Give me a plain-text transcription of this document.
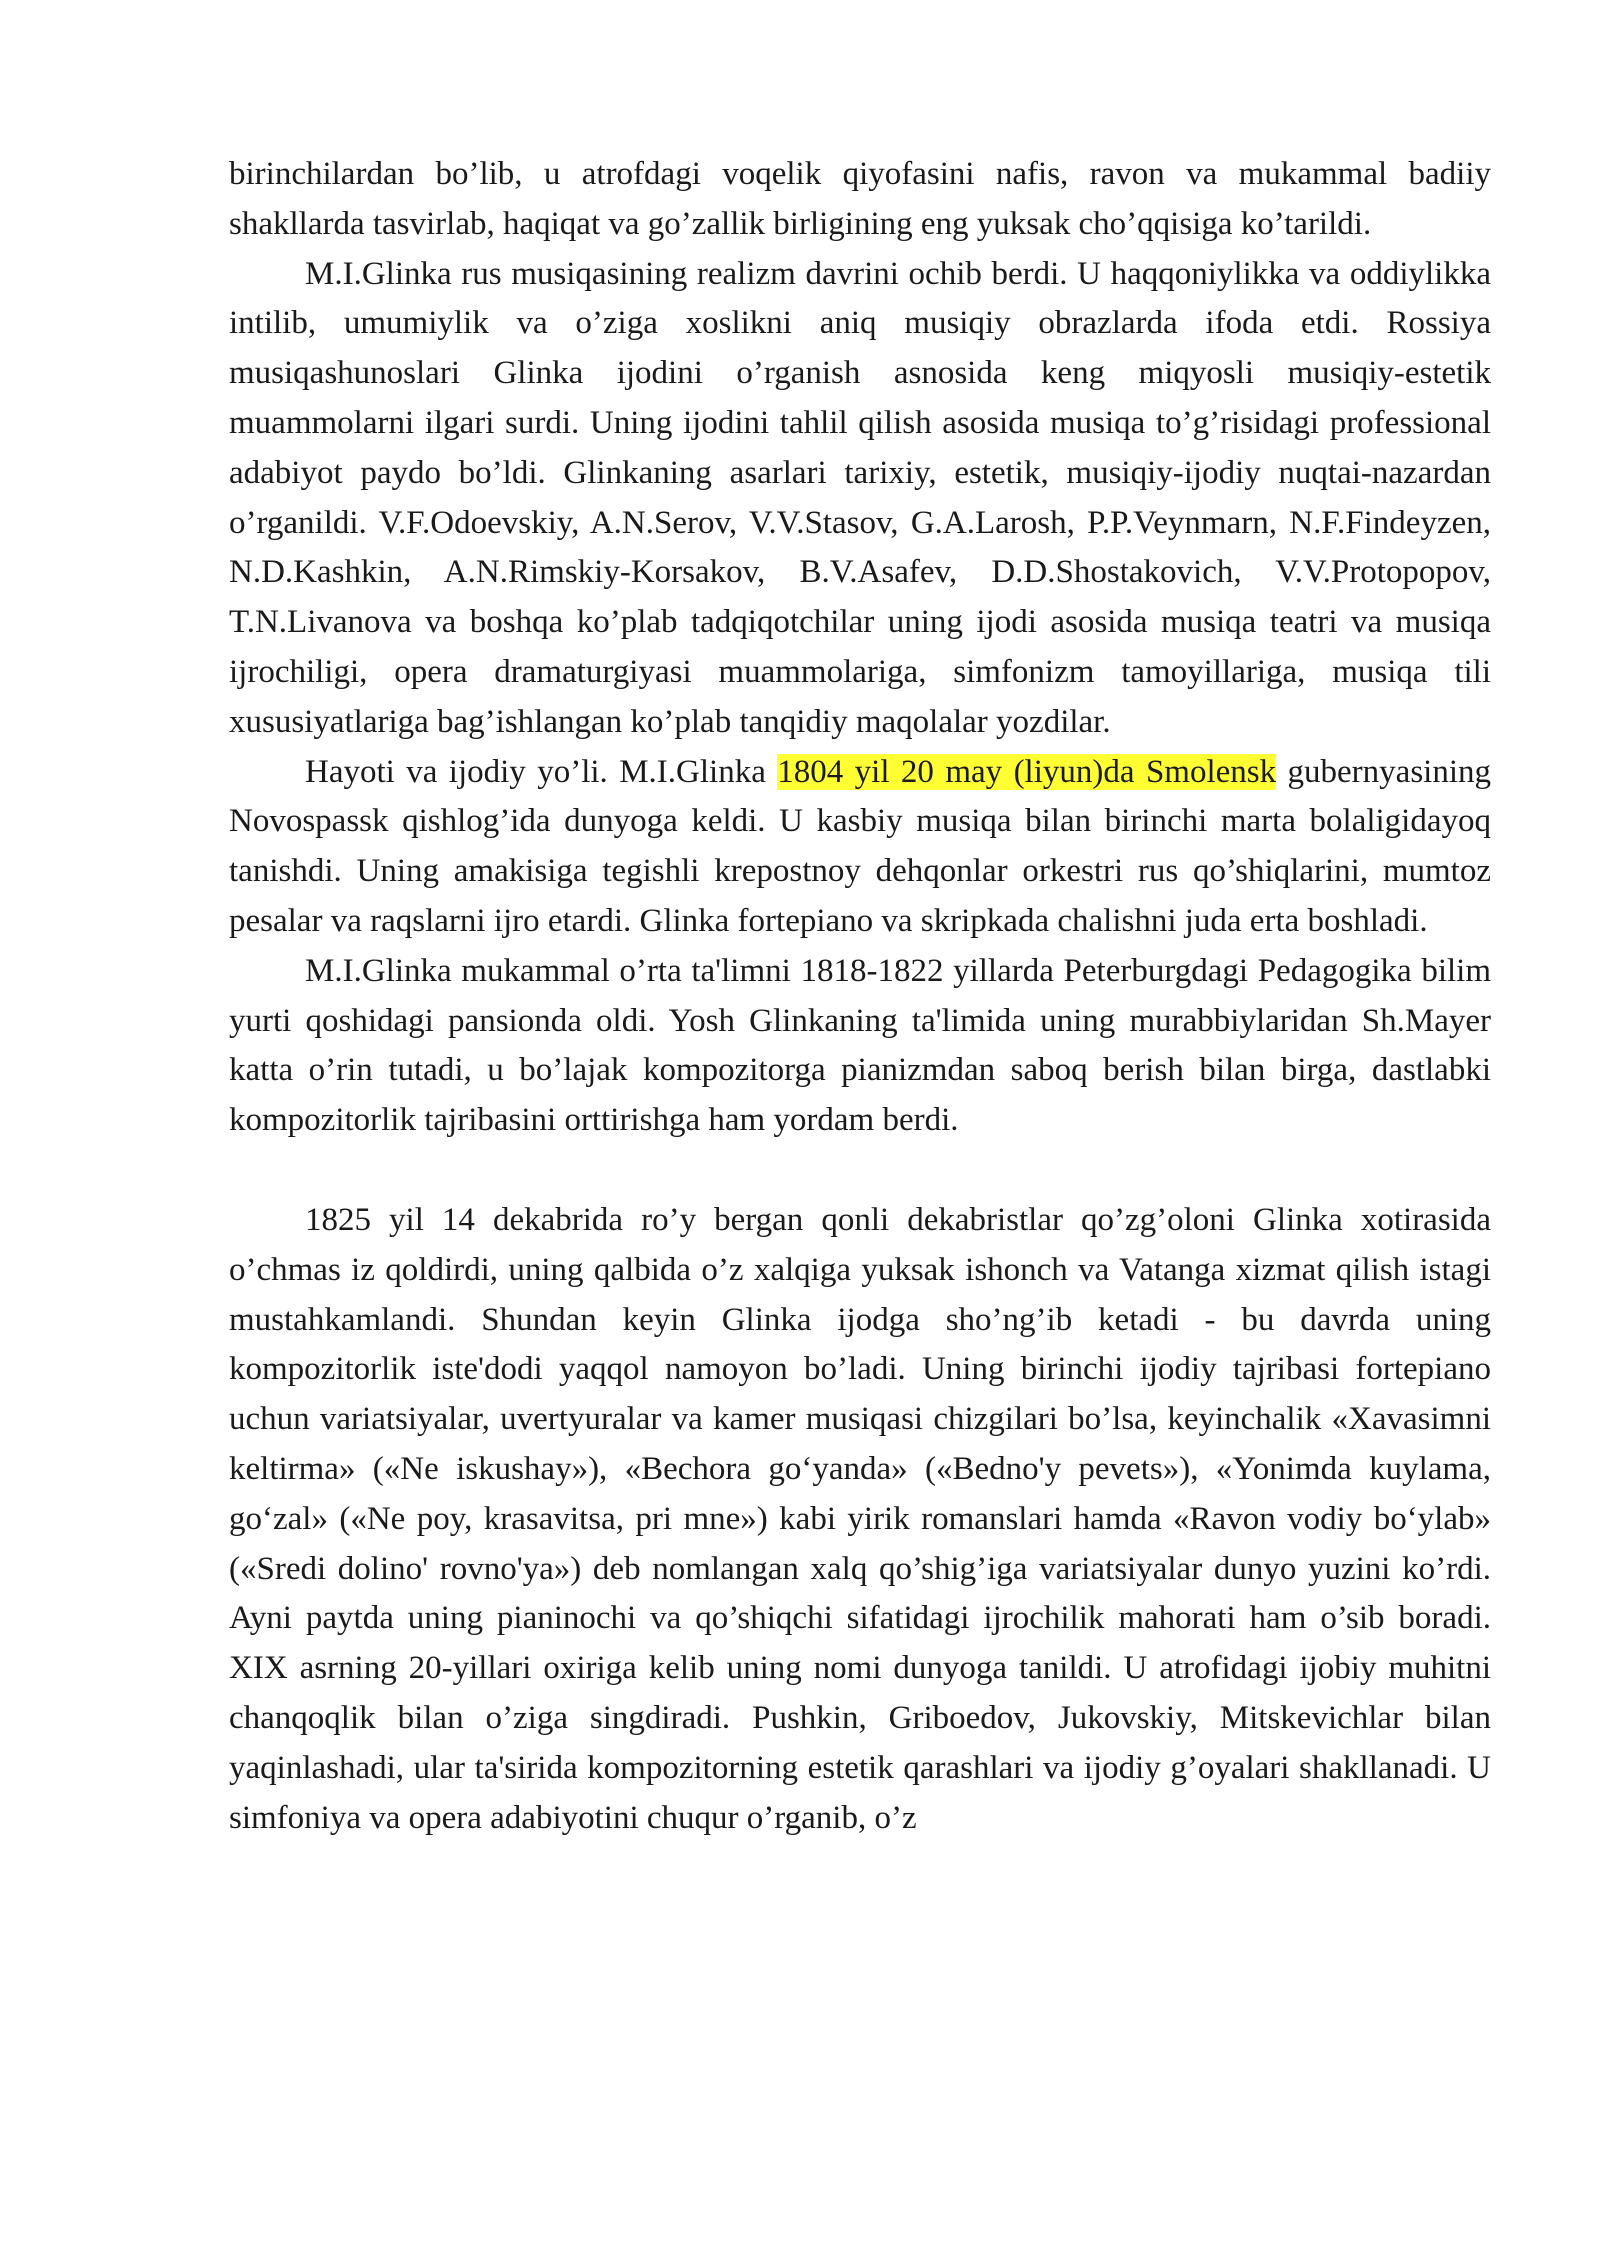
birinchilardan bo’lib, u atrofdagi voqelik qiyofasini nafis, ravon va mukammal badiiy shakllarda tasvirlab, haqiqat va go’zallik birligining eng yuksak cho’qqisiga ko’tarildi.

M.I.Glinka rus musiqasining realizm davrini ochib berdi. U haqqoniylikka va oddiylikka intilib, umumiylik va o’ziga xoslikni aniq musiqiy obrazlarda ifoda etdi. Rossiya musiqashunoslari Glinka ijodini o’rganish asnosida keng miqyosli musiqiy-estetik muammolarni ilgari surdi. Uning ijodini tahlil qilish asosida musiqa to’g’risidagi professional adabiyot paydo bo’ldi. Glinkaning asarlari tarixiy, estetik, musiqiy-ijodiy nuqtai-nazardan o’rganildi. V.F.Odoevskiy, A.N.Serov, V.V.Stasov, G.A.Larosh, P.P.Veynmarn, N.F.Findeyzen, N.D.Kashkin, A.N.Rimskiy-Korsakov, B.V.Asafev, D.D.Shostakovich, V.V.Protopopov, T.N.Livanova va boshqa ko’plab tadqiqotchilar uning ijodi asosida musiqa teatri va musiqa ijrochiligi, opera dramaturgiyasi muammolariga, simfonizm tamoyillariga, musiqa tili xususiyatlariga bag’ishlangan ko’plab tanqidiy maqolalar yozdilar.

Hayoti va ijodiy yo’li. M.I.Glinka 1804 yil 20 may (liyun)da Smolensk gubernyasining Novospassk qishlog’ida dunyoga keldi. U kasbiy musiqa bilan birinchi marta bolaligidayoq tanishdi. Uning amakisiga tegishli krepostnoy dehqonlar orkestri rus qo’shiqlarini, mumtoz pesalar va raqslarni ijro etardi. Glinka fortepiano va skripkada chalishni juda erta boshladi.

M.I.Glinka mukammal o’rta ta'limni 1818-1822 yillarda Peterburgdagi Pedagogika bilim yurti qoshidagi pansionda oldi. Yosh Glinkaning ta'limida uning murabbiylaridan Sh.Mayer katta o’rin tutadi, u bo’lajak kompozitorga pianizmdan saboq berish bilan birga, dastlabki kompozitorlik tajribasini orttirishga ham yordam berdi.

1825 yil 14 dekabrida ro’y bergan qonli dekabristlar qo’zg’oloni Glinka xotirasida o’chmas iz qoldirdi, uning qalbida o’z xalqiga yuksak ishonch va Vatanga xizmat qilish istagi mustahkamlandi. Shundan keyin Glinka ijodga sho’ng’ib ketadi - bu davrda uning kompozitorlik iste'dodi yaqqol namoyon bo’ladi. Uning birinchi ijodiy tajribasi fortepiano uchun variatsiyalar, uvertyuralar va kamer musiqasi chizgilari bo’lsa, keyinchalik «Xavasimni keltirma» («Ne iskushay»), «Bechora go‘yanda» («Bedno'y pevets»), «Yonimda kuylama, go‘zal» («Ne poy, krasavitsa, pri mne») kabi yirik romanslari hamda «Ravon vodiy bo‘ylab» («Sredi dolino' rovno'ya») deb nomlangan xalq qo’shig’iga variatsiyalar dunyo yuzini ko’rdi. Ayni paytda uning pianinochi va qo’shiqchi sifatidagi ijrochilik mahorati ham o’sib boradi. XIX asrning 20-yillari oxiriga kelib uning nomi dunyoga tanildi. U atrofidagi ijobiy muhitni chanqoqlik bilan o’ziga singdiradi. Pushkin, Griboedov, Jukovskiy, Mitskevichlar bilan yaqinlashadi, ular ta'sirida kompozitorning estetik qarashlari va ijodiy g’oyalari shakllanadi. U simfoniya va opera adabiyotini chuqur o’rganib, o’z
